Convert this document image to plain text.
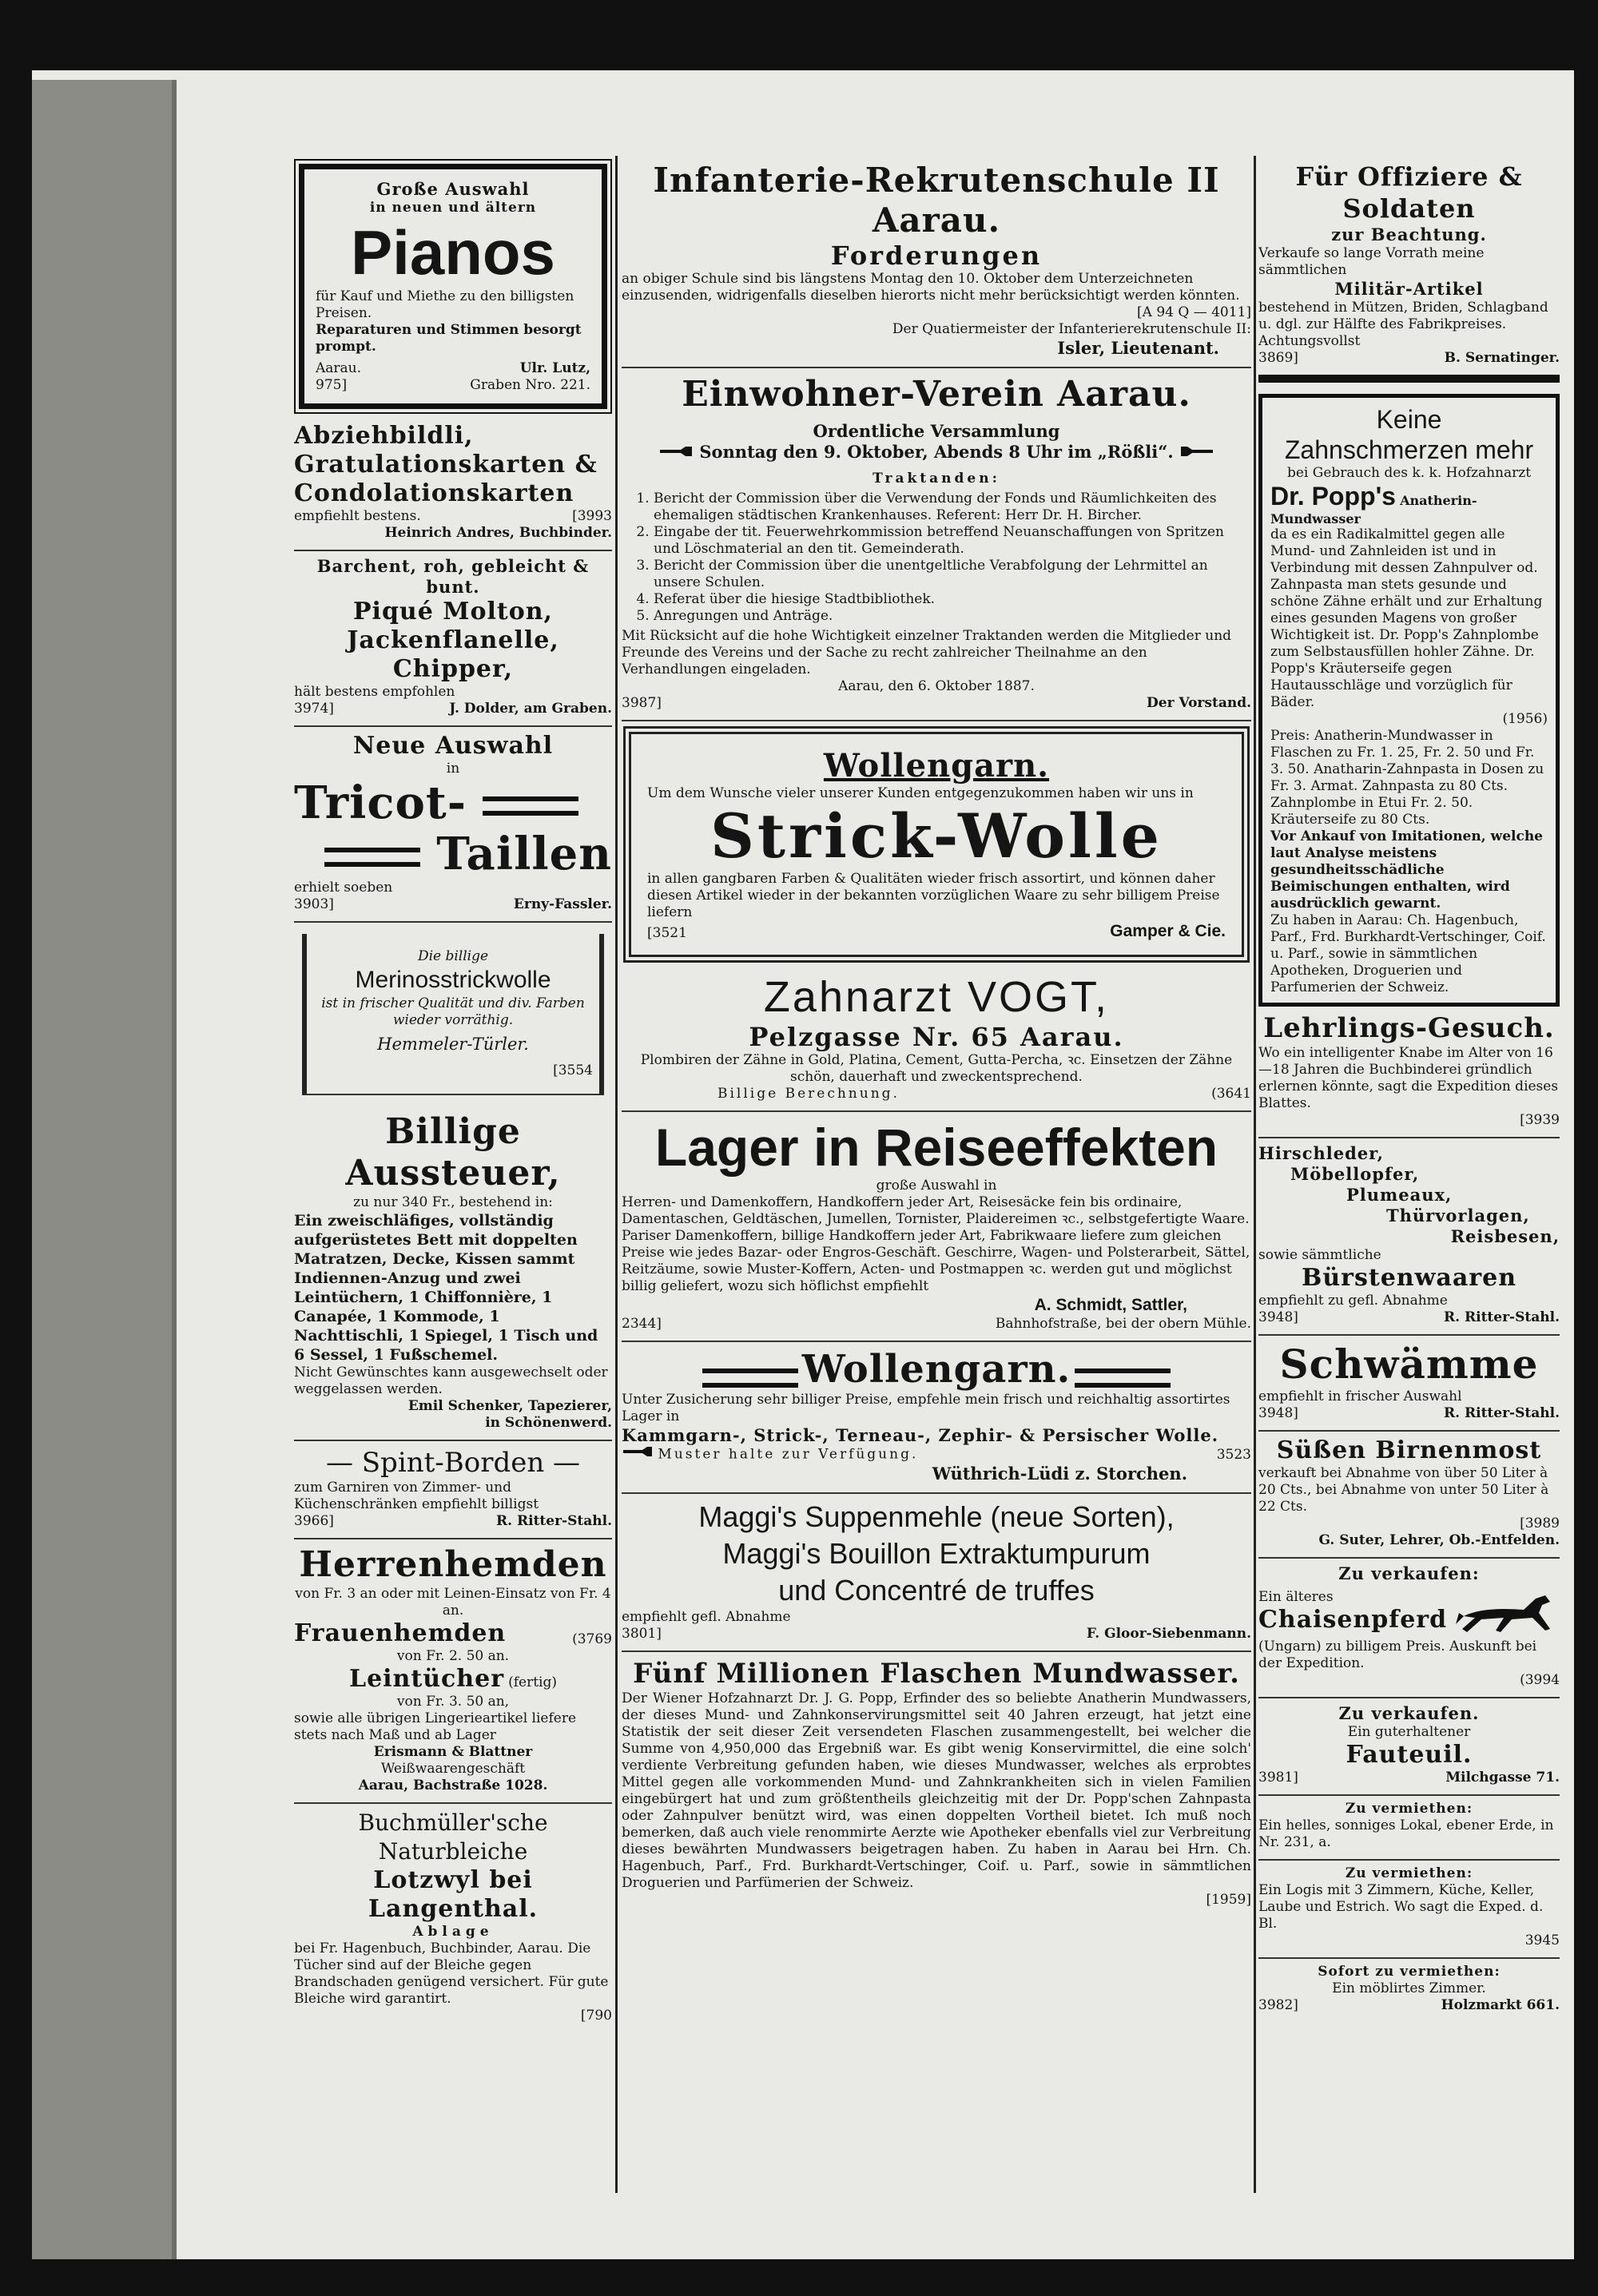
Große Auswahl

in neuen und ältern

Pianos

für Kauf und Miethe zu den billigsten Preisen.

Reparaturen und Stimmen besorgt prompt.

Aarau.	Ulr. Lutz,
975]	Graben Nro. 221.

Abziehbildli, Gratulationskarten & Condolationskarten

empfiehlt bestens.	[3993

Heinrich Andres, Buchbinder.

Barchent, roh, gebleicht & bunt.

Piqué Molton,

Jackenflanelle,

Chipper,

hält bestens empfohlen

3974]	J. Dolder, am Graben.

Neue Auswahl

in

Tricot-

Taillen

erhielt soeben

3903]	Erny-Fassler.

Die billige

Merinosstrickwolle

ist in frischer Qualität und div. Farben wieder vorräthig.

Hemmeler-Türler.

[3554

Billige Aussteuer,

zu nur 340 Fr., bestehend in:

Ein zweischläfiges, vollständig aufgerüstetes Bett mit doppelten Matratzen, Decke, Kissen sammt Indiennen-Anzug und zwei Leintüchern, 1 Chiffonnière, 1 Canapée, 1 Kommode, 1 Nachttischli, 1 Spiegel, 1 Tisch und 6 Sessel, 1 Fußschemel.

Nicht Gewünschtes kann ausgewechselt oder weggelassen werden.

Emil Schenker, Tapezierer,

in Schönenwerd.

— Spint-Borden —

zum Garniren von Zimmer- und Küchenschränken empfiehlt billigst

3966]	R. Ritter-Stahl.

Herrenhemden

von Fr. 3 an oder mit Leinen-Einsatz von Fr. 4 an.

Frauenhemden	(3769

von Fr. 2. 50 an.

Leintücher (fertig)

von Fr. 3. 50 an,

sowie alle übrigen Lingerieartikel liefere stets nach Maß und ab Lager

Erismann & Blattner

Weißwaarengeschäft

Aarau, Bachstraße 1028.

Buchmüller'sche Naturbleiche

Lotzwyl bei Langenthal.

Ablage

bei Fr. Hagenbuch, Buchbinder, Aarau. Die Tücher sind auf der Bleiche gegen Brandschaden genügend versichert. Für gute Bleiche wird garantirt.

[790

Infanterie-Rekrutenschule II Aarau.

Forderungen

an obiger Schule sind bis längstens Montag den 10. Oktober dem Unterzeichneten einzusenden, widrigenfalls dieselben hierorts nicht mehr berücksichtigt werden könnten.

[A 94 Q — 4011]

Der Quatiermeister der Infanterierekrutenschule II:

Isler, Lieutenant.

Einwohner-Verein Aarau.

Ordentliche Versammlung

Sonntag den 9. Oktober, Abends 8 Uhr im „Rößli“.

Traktanden:

1. Bericht der Commission über die Verwendung der Fonds und Räumlichkeiten des ehemaligen städtischen Krankenhauses. Referent: Herr Dr. H. Bircher.
2. Eingabe der tit. Feuerwehrkommission betreffend Neuanschaffungen von Spritzen und Löschmaterial an den tit. Gemeinderath.
3. Bericht der Commission über die unentgeltliche Verabfolgung der Lehrmittel an unsere Schulen.
4. Referat über die hiesige Stadtbibliothek.
5. Anregungen und Anträge.

Mit Rücksicht auf die hohe Wichtigkeit einzelner Traktanden werden die Mitglieder und Freunde des Vereins und der Sache zu recht zahlreicher Theilnahme an den Verhandlungen eingeladen.

Aarau, den 6. Oktober 1887.

3987]	Der Vorstand.

Wollengarn.

Um dem Wunsche vieler unserer Kunden entgegenzukommen haben wir uns in

Strick-Wolle

in allen gangbaren Farben & Qualitäten wieder frisch assortirt, und können daher diesen Artikel wieder in der bekannten vorzüglichen Waare zu sehr billigem Preise liefern

[3521	Gamper & Cie.

Zahnarzt VOGT,

Pelzgasse Nr. 65 Aarau.

Plombiren der Zähne in Gold, Platina, Cement, Gutta-Percha, ꝛc. Einsetzen der Zähne schön, dauerhaft und zweckentsprechend.

Billige Berechnung.	(3641

Lager in Reiseeffekten

große Auswahl in

Herren- und Damenkoffern, Handkoffern jeder Art, Reisesäcke fein bis ordinaire, Damentaschen, Geldtäschen, Jumellen, Tornister, Plaidereimen ꝛc., selbstgefertigte Waare. Pariser Damenkoffern, billige Handkoffern jeder Art, Fabrikwaare liefere zum gleichen Preise wie jedes Bazar- oder Engros-Geschäft. Geschirre, Wagen- und Polsterarbeit, Sättel, Reitzäume, sowie Muster-Koffern, Acten- und Postmappen ꝛc. werden gut und möglichst billig geliefert, wozu sich höflichst empfiehlt

A. Schmidt, Sattler,

2344]	Bahnhofstraße, bei der obern Mühle.

Wollengarn.

Unter Zusicherung sehr billiger Preise, empfehle mein frisch und reichhaltig assortirtes Lager in

Kammgarn-, Strick-, Terneau-, Zephir- & Persischer Wolle.

Muster halte zur Verfügung.	3523

Wüthrich-Lüdi z. Storchen.

Maggi's Suppenmehle (neue Sorten),

Maggi's Bouillon Extraktumpurum

und Concentré de truffes

empfiehlt gefl. Abnahme

3801]	F. Gloor-Siebenmann.

Fünf Millionen Flaschen Mundwasser.

Der Wiener Hofzahnarzt Dr. J. G. Popp, Erfinder des so beliebte Anatherin Mundwassers, der dieses Mund- und Zahnkonservirungsmittel seit 40 Jahren erzeugt, hat jetzt eine Statistik der seit dieser Zeit versendeten Flaschen zusammengestellt, bei welcher die Summe von 4,950,000 das Ergebniß war. Es gibt wenig Konservirmittel, die eine solch' verdiente Verbreitung gefunden haben, wie dieses Mundwasser, welches als erprobtes Mittel gegen alle vorkommenden Mund- und Zahnkrankheiten sich in vielen Familien eingebürgert hat und zum größtentheils gleichzeitig mit der Dr. Popp'schen Zahnpasta oder Zahnpulver benützt wird, was einen doppelten Vortheil bietet. Ich muß noch bemerken, daß auch viele renommirte Aerzte wie Apotheker ebenfalls viel zur Verbreitung dieses bewährten Mundwassers beigetragen haben. Zu haben in Aarau bei Hrn. Ch. Hagenbuch, Parf., Frd. Burkhardt-Vertschinger, Coif. u. Parf., sowie in sämmtlichen Droguerien und Parfümerien der Schweiz.

[1959]

Für Offiziere & Soldaten

zur Beachtung.

Verkaufe so lange Vorrath meine sämmtlichen

Militär-Artikel

bestehend in Mützen, Briden, Schlagband u. dgl. zur Hälfte des Fabrikpreises.

Achtungsvollst

3869]	B. Sernatinger.

Keine

Zahnschmerzen mehr

bei Gebrauch des k. k. Hofzahnarzt

Dr. Popp's Anatherin-Mundwasser

da es ein Radikalmittel gegen alle Mund- und Zahnleiden ist und in Verbindung mit dessen Zahnpulver od. Zahnpasta man stets gesunde und schöne Zähne erhält und zur Erhaltung eines gesunden Magens von großer Wichtigkeit ist. Dr. Popp's Zahnplombe zum Selbstausfüllen hohler Zähne. Dr. Popp's Kräuterseife gegen Hautausschläge und vorzüglich für Bäder.

(1956)

Preis: Anatherin-Mundwasser in Flaschen zu Fr. 1. 25, Fr. 2. 50 und Fr. 3. 50. Anatharin-Zahnpasta in Dosen zu Fr. 3. Armat. Zahnpasta zu 80 Cts. Zahnplombe in Etui Fr. 2. 50. Kräuterseife zu 80 Cts.

Vor Ankauf von Imitationen, welche laut Analyse meistens gesundheitsschädliche Beimischungen enthalten, wird ausdrücklich gewarnt.

Zu haben in Aarau: Ch. Hagenbuch, Parf., Frd. Burkhardt-Vertschinger, Coif. u. Parf., sowie in sämmtlichen Apotheken, Droguerien und Parfumerien der Schweiz.

Lehrlings-Gesuch.

Wo ein intelligenter Knabe im Alter von 16—18 Jahren die Buchbinderei gründlich erlernen könnte, sagt die Expedition dieses Blattes.

[3939

Hirschleder,

Möbellopfer,

Plumeaux,

Thürvorlagen,

Reisbesen,

sowie sämmtliche

Bürstenwaaren

empfiehlt zu gefl. Abnahme

3948]	R. Ritter-Stahl.

Schwämme

empfiehlt in frischer Auswahl

3948]	R. Ritter-Stahl.

Süßen Birnenmost

verkauft bei Abnahme von über 50 Liter à 20 Cts., bei Abnahme von unter 50 Liter à 22 Cts.

[3989

G. Suter, Lehrer, Ob.-Entfelden.

Zu verkaufen:

Ein älteres

Chaisenpferd

(Ungarn) zu billigem Preis. Auskunft bei der Expedition.

(3994

Zu verkaufen.

Ein guterhaltener

Fauteuil.

3981]	Milchgasse 71.

Zu vermiethen:

Ein helles, sonniges Lokal, ebener Erde, in Nr. 231, a.

Zu vermiethen:

Ein Logis mit 3 Zimmern, Küche, Keller, Laube und Estrich. Wo sagt die Exped. d. Bl.

3945

Sofort zu vermiethen:

Ein möblirtes Zimmer.

3982]	Holzmarkt 661.
